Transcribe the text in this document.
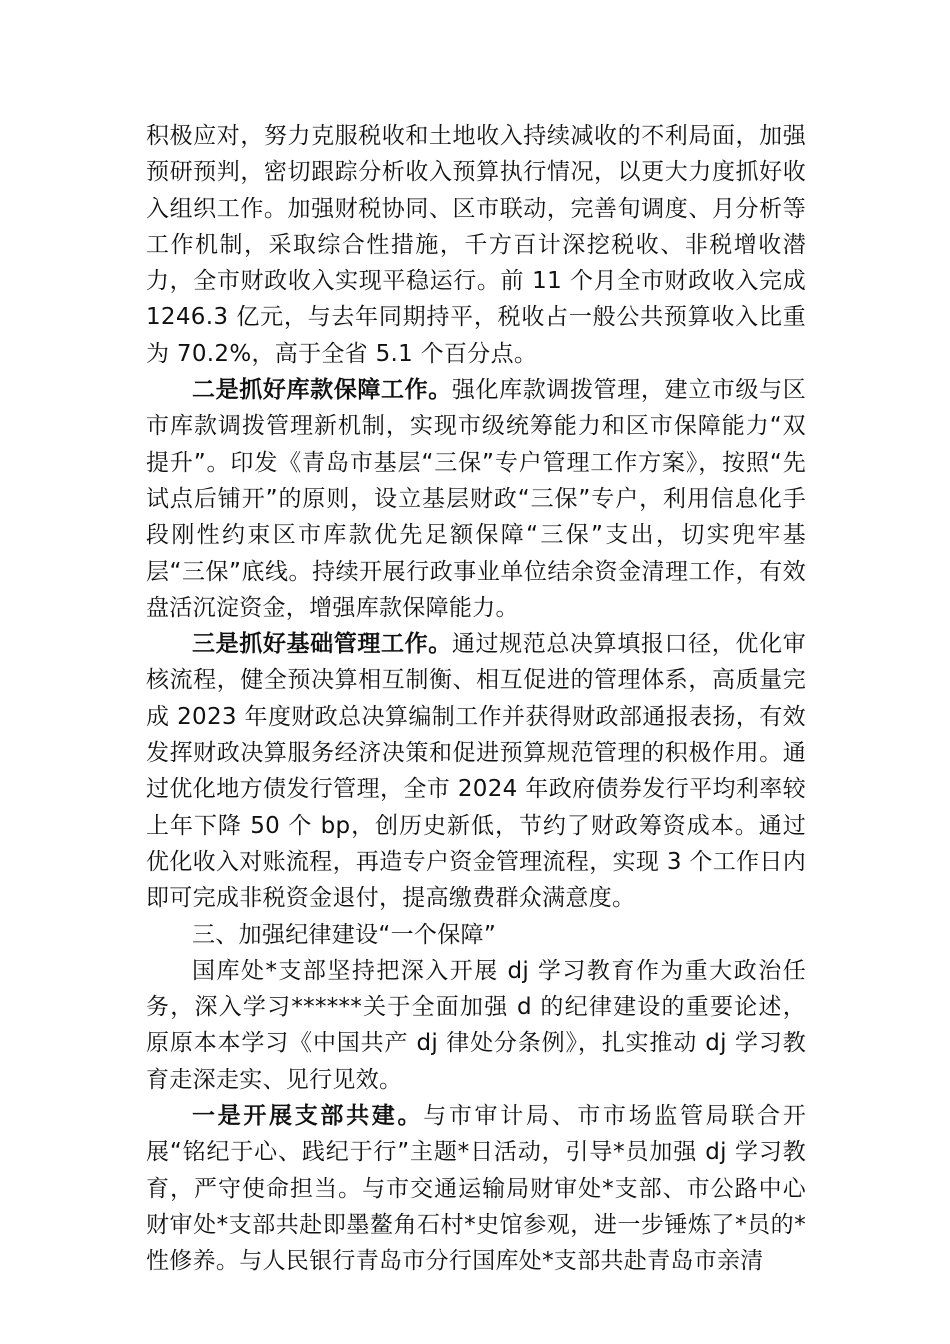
积极应对，努力克服税收和土地收入持续减收的不利局面，加强预研预判，密切跟踪分析收入预算执行情况，以更大力度抓好收入组织工作。加强财税协同、区市联动，完善旬调度、月分析等工作机制，采取综合性措施，千方百计深挖税收、非税增收潜力，全市财政收入实现平稳运行。前 11 个月全市财政收入完成 1246.3 亿元，与去年同期持平，税收占一般公共预算收入比重为 70.2%，高于全省 5.1 个百分点。

二是抓好库款保障工作。强化库款调拨管理，建立市级与区市库款调拨管理新机制，实现市级统筹能力和区市保障能力“双提升”。印发《青岛市基层“三保”专户管理工作方案》，按照“先试点后铺开”的原则，设立基层财政“三保”专户，利用信息化手段刚性约束区市库款优先足额保障“三保”支出，切实兜牢基层“三保”底线。持续开展行政事业单位结余资金清理工作，有效盘活沉淀资金，增强库款保障能力。

三是抓好基础管理工作。通过规范总决算填报口径，优化审核流程，健全预决算相互制衡、相互促进的管理体系，高质量完成 2023 年度财政总决算编制工作并获得财政部通报表扬，有效发挥财政决算服务经济决策和促进预算规范管理的积极作用。通过优化地方债发行管理，全市 2024 年政府债券发行平均利率较上年下降 50 个 bp，创历史新低，节约了财政筹资成本。通过优化收入对账流程，再造专户资金管理流程，实现 3 个工作日内即可完成非税资金退付，提高缴费群众满意度。

三、加强纪律建设“一个保障”

国库处*支部坚持把深入开展 dj 学习教育作为重大政治任务，深入学习******关于全面加强 d 的纪律建设的重要论述，原原本本学习《中国共产 dj 律处分条例》，扎实推动 dj 学习教育走深走实、见行见效。

一是开展支部共建。与市审计局、市市场监管局联合开展“铭纪于心、践纪于行”主题*日活动，引导*员加强 dj 学习教育，严守使命担当。与市交通运输局财审处*支部、市公路中心财审处*支部共赴即墨鳌角石村*史馆参观，进一步锤炼了*员的*性修养。与人民银行青岛市分行国库处*支部共赴青岛市亲清
